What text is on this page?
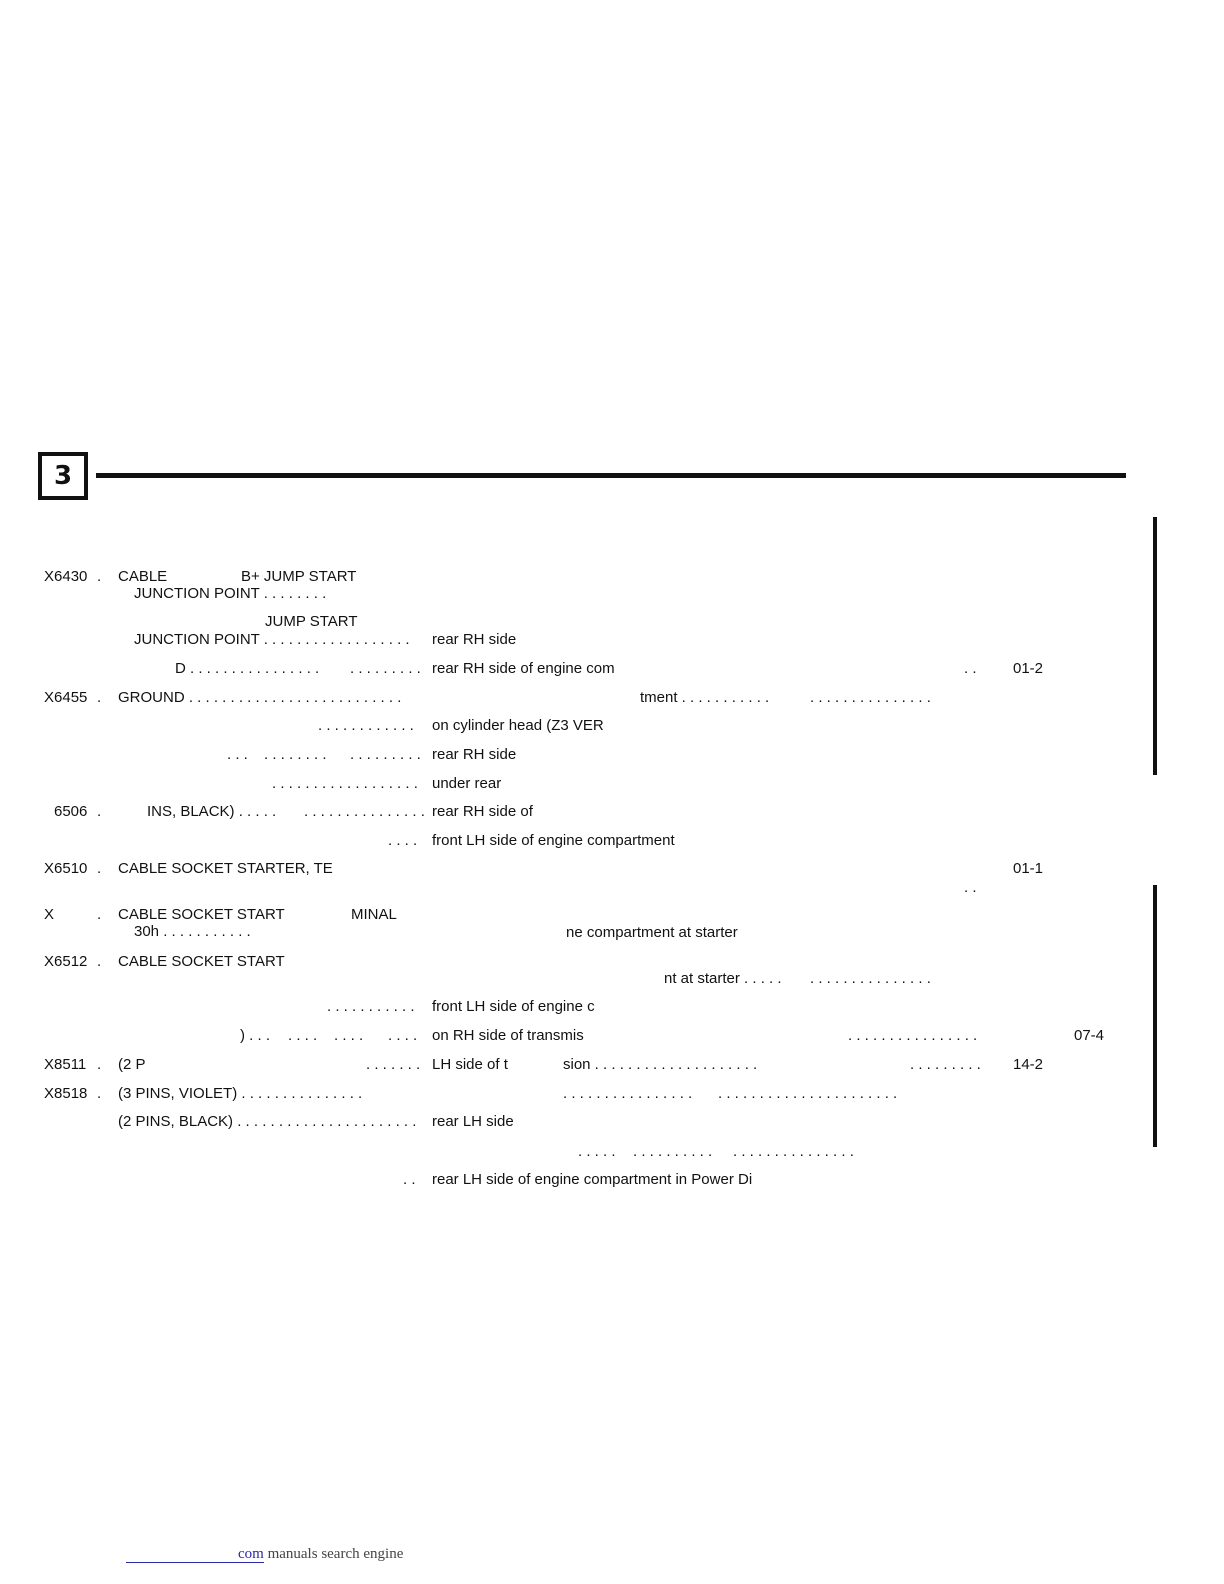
3
X6430 . CABLE	B+ JUMP START
JUNCTION POINT . . . . . . . .
JUMP START
JUNCTION POINT . . . . . . . . . . . . . . . . . . rear RH side
D . . . . . . . . . . . . . . . . . . . . . . . . . rear RH side of engine com	. . 01-2
X6455 . GROUND . . . . . . . . . . . . . . . . . . . . . . . . . .	tment . . . . . . . . . . .	. . . . . . . . . . . . . . .
. . . . . . . . . . . . on cylinder head (Z3 VER
. . . . . . . . . . . . . . . . . . . . rear RH side
. . . . . . . . . . . . . . . . . . under rear
6506 .	INS, BLACK) . . . . . . . . . . . . . . . . . . . . rear RH side of
. . . . front LH side of engine compartment
X6510 . CABLE SOCKET STARTER, TE	01-1
. .
X	. CABLE SOCKET START	MINAL
30h . . . . . . . . . . .	ne compartment at starter
X6512 . CABLE SOCKET START
nt at starter . . . . . . . . . . . . . . . . . . . .
. . . . . . . . . . . front LH side of engine c
) . . . . . . . . . . . . . . . on RH side of transmis	. . . . . . . . . . . . . . . .	07-4
X8511 . (2 P	. . . . . . . LH side of t	sion . . . . . . . . . . . . . . . . . . . .	. . . . . . . . . 14-2
X8518 . (3 PINS, VIOLET) . . . . . . . . . . . . . . .	. . . . . . . . . . . . . . . . . . . . . . . . . . . . . . . . . . . . . .
(2 PINS, BLACK) . . . . . . . . . . . . . . . . . . . . . . rear LH side
. . . . . . . . . . . . . . . . . . . . . . . . . . . . . .
. . rear LH side of engine compartment in Power Di
com manuals search engine
